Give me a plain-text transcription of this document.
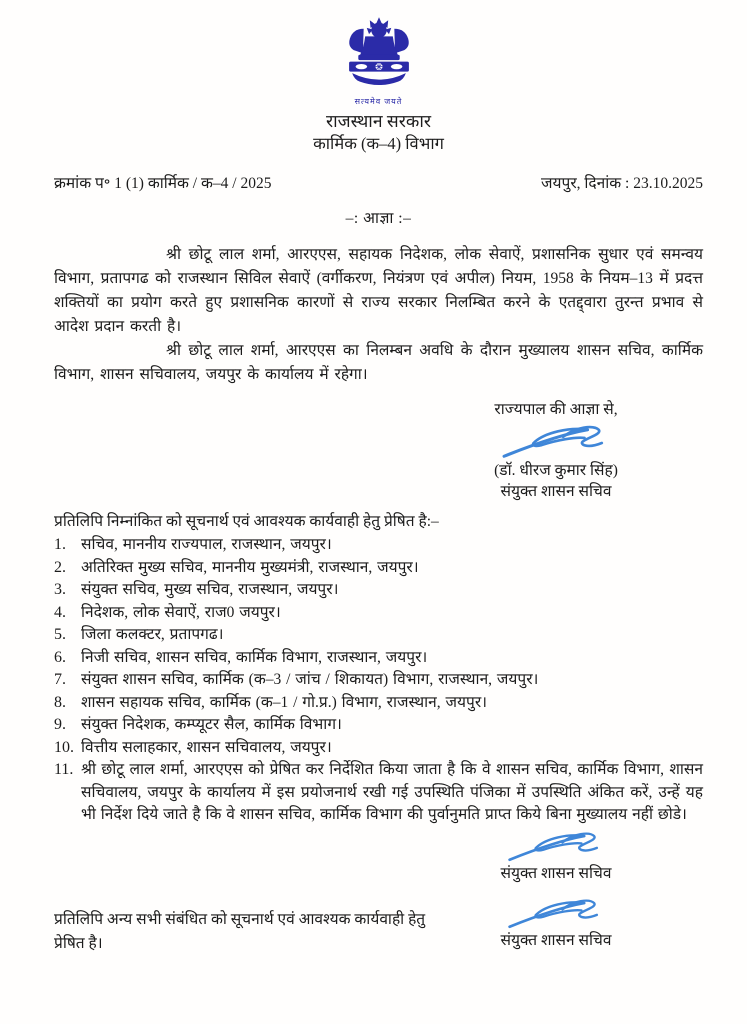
सत्यमेव जयते
राजस्थान सरकार
कार्मिक (क–4) विभाग
क्रमांक प॰ 1 (1) कार्मिक / क–4 / 2025	जयपुर, दिनांक : 23.10.2025
–: आज्ञा :–

श्री छोटू लाल शर्मा, आरएएस, सहायक निदेशक, लोक सेवाऐं, प्रशासनिक सुधार एवं समन्वय विभाग, प्रतापगढ को राजस्थान सिविल सेवाऐं (वर्गीकरण, नियंत्रण एवं अपील) नियम, 1958 के नियम–13 में प्रदत्त शक्तियों का प्रयोग करते हुए प्रशासनिक कारणों से राज्य सरकार निलम्बित करने के एतद्द्वारा तुरन्त प्रभाव से आदेश प्रदान करती है।

श्री छोटू लाल शर्मा, आरएएस का निलम्बन अवधि के दौरान मुख्यालय शासन सचिव, कार्मिक विभाग, शासन सचिवालय, जयपुर के कार्यालय में रहेगा।

राज्यपाल की आज्ञा से,
(डॉ. धीरज कुमार सिंह)
संयुक्त शासन सचिव
प्रतिलिपि निम्नांकित को सूचनार्थ एवं आवश्यक कार्यवाही हेतु प्रेषित है:–
1. सचिव, माननीय राज्यपाल, राजस्थान, जयपुर।
2. अतिरिक्त मुख्य सचिव, माननीय मुख्यमंत्री, राजस्थान, जयपुर।
3. संयुक्त सचिव, मुख्य सचिव, राजस्थान, जयपुर।
4. निदेशक, लोक सेवाऐं, राज0 जयपुर।
5. जिला कलक्टर, प्रतापगढ।
6. निजी सचिव, शासन सचिव, कार्मिक विभाग, राजस्थान, जयपुर।
7. संयुक्त शासन सचिव, कार्मिक (क–3 / जांच / शिकायत) विभाग, राजस्थान, जयपुर।
8. शासन सहायक सचिव, कार्मिक (क–1 / गो.प्र.) विभाग, राजस्थान, जयपुर।
9. संयुक्त निदेशक, कम्प्यूटर सैल, कार्मिक विभाग।
10. वित्तीय सलाहकार, शासन सचिवालय, जयपुर।
11. श्री छोटू लाल शर्मा, आरएएस को प्रेषित कर निर्देशित किया जाता है कि वे शासन सचिव, कार्मिक विभाग, शासन सचिवालय, जयपुर के कार्यालय में इस प्रयोजनार्थ रखी गई उपस्थिति पंजिका में उपस्थिति अंकित करें, उन्हें यह भी निर्देश दिये जाते है कि वे शासन सचिव, कार्मिक विभाग की पुर्वानुमति प्राप्त किये बिना मुख्यालय नहीं छोडे।
संयुक्त शासन सचिव
प्रतिलिपि अन्य सभी संबंधित को सूचनार्थ एवं आवश्यक कार्यवाही हेतु प्रेषित है।	संयुक्त शासन सचिव
